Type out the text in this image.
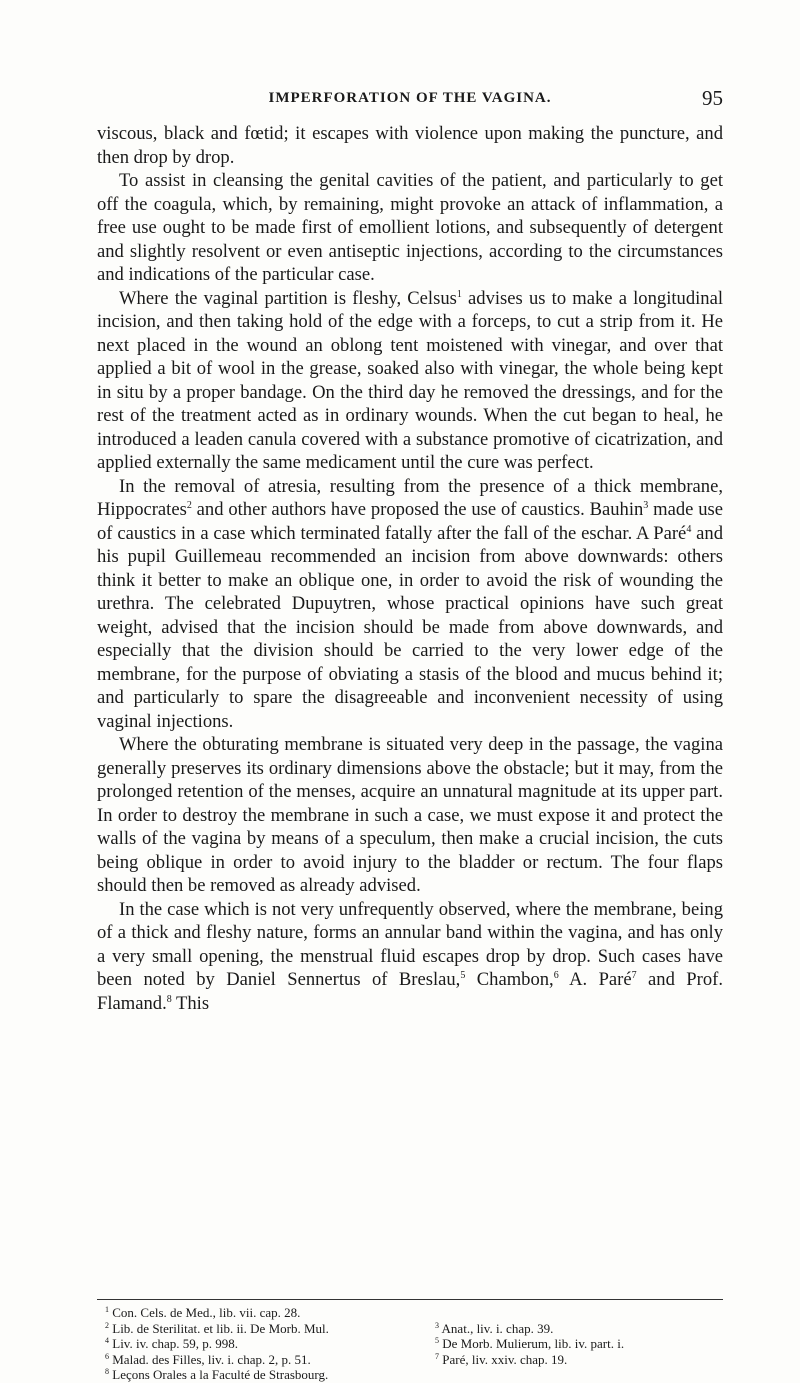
IMPERFORATION OF THE VAGINA.	95

viscous, black and fœtid; it escapes with violence upon making the puncture, and then drop by drop.

To assist in cleansing the genital cavities of the patient, and particularly to get off the coagula, which, by remaining, might provoke an attack of inflammation, a free use ought to be made first of emollient lotions, and subsequently of detergent and slightly resolvent or even antiseptic injections, according to the circumstances and indications of the particular case.

Where the vaginal partition is fleshy, Celsus$^1$ advises us to make a longitudinal incision, and then taking hold of the edge with a forceps, to cut a strip from it. He next placed in the wound an oblong tent moistened with vinegar, and over that applied a bit of wool in the grease, soaked also with vinegar, the whole being kept in situ by a proper bandage. On the third day he removed the dressings, and for the rest of the treatment acted as in ordinary wounds. When the cut began to heal, he introduced a leaden canula covered with a substance promotive of cicatrization, and applied externally the same medicament until the cure was perfect.

In the removal of atresia, resulting from the presence of a thick membrane, Hippocrates$^2$ and other authors have proposed the use of caustics. Bauhin$^3$ made use of caustics in a case which terminated fatally after the fall of the eschar. A Paré$^4$ and his pupil Guillemeau recommended an incision from above downwards: others think it better to make an oblique one, in order to avoid the risk of wounding the urethra. The celebrated Dupuytren, whose practical opinions have such great weight, advised that the incision should be made from above downwards, and especially that the division should be carried to the very lower edge of the membrane, for the purpose of obviating a stasis of the blood and mucus behind it; and particularly to spare the disagreeable and inconvenient necessity of using vaginal injections.

Where the obturating membrane is situated very deep in the passage, the vagina generally preserves its ordinary dimensions above the obstacle; but it may, from the prolonged retention of the menses, acquire an unnatural magnitude at its upper part. In order to destroy the membrane in such a case, we must expose it and protect the walls of the vagina by means of a speculum, then make a crucial incision, the cuts being oblique in order to avoid injury to the bladder or rectum. The four flaps should then be removed as already advised.

In the case which is not very unfrequently observed, where the membrane, being of a thick and fleshy nature, forms an annular band within the vagina, and has only a very small opening, the menstrual fluid escapes drop by drop. Such cases have been noted by Daniel Sennertus of Breslau,$^5$ Chambon,$^6$ A. Paré$^7$ and Prof. Flamand.$^8$ This

$^1$ Con. Cels. de Med., lib. vii. cap. 28.
$^2$ Lib. de Sterilitat. et lib. ii. De Morb. Mul.	$^3$ Anat., liv. i. chap. 39.
$^4$ Liv. iv. chap. 59, p. 998.	$^5$ De Morb. Mulierum, lib. iv. part. i.
$^6$ Malad. des Filles, liv. i. chap. 2, p. 51.	$^7$ Paré, liv. xxiv. chap. 19.
$^8$ Leçons Orales a la Faculté de Strasbourg.
